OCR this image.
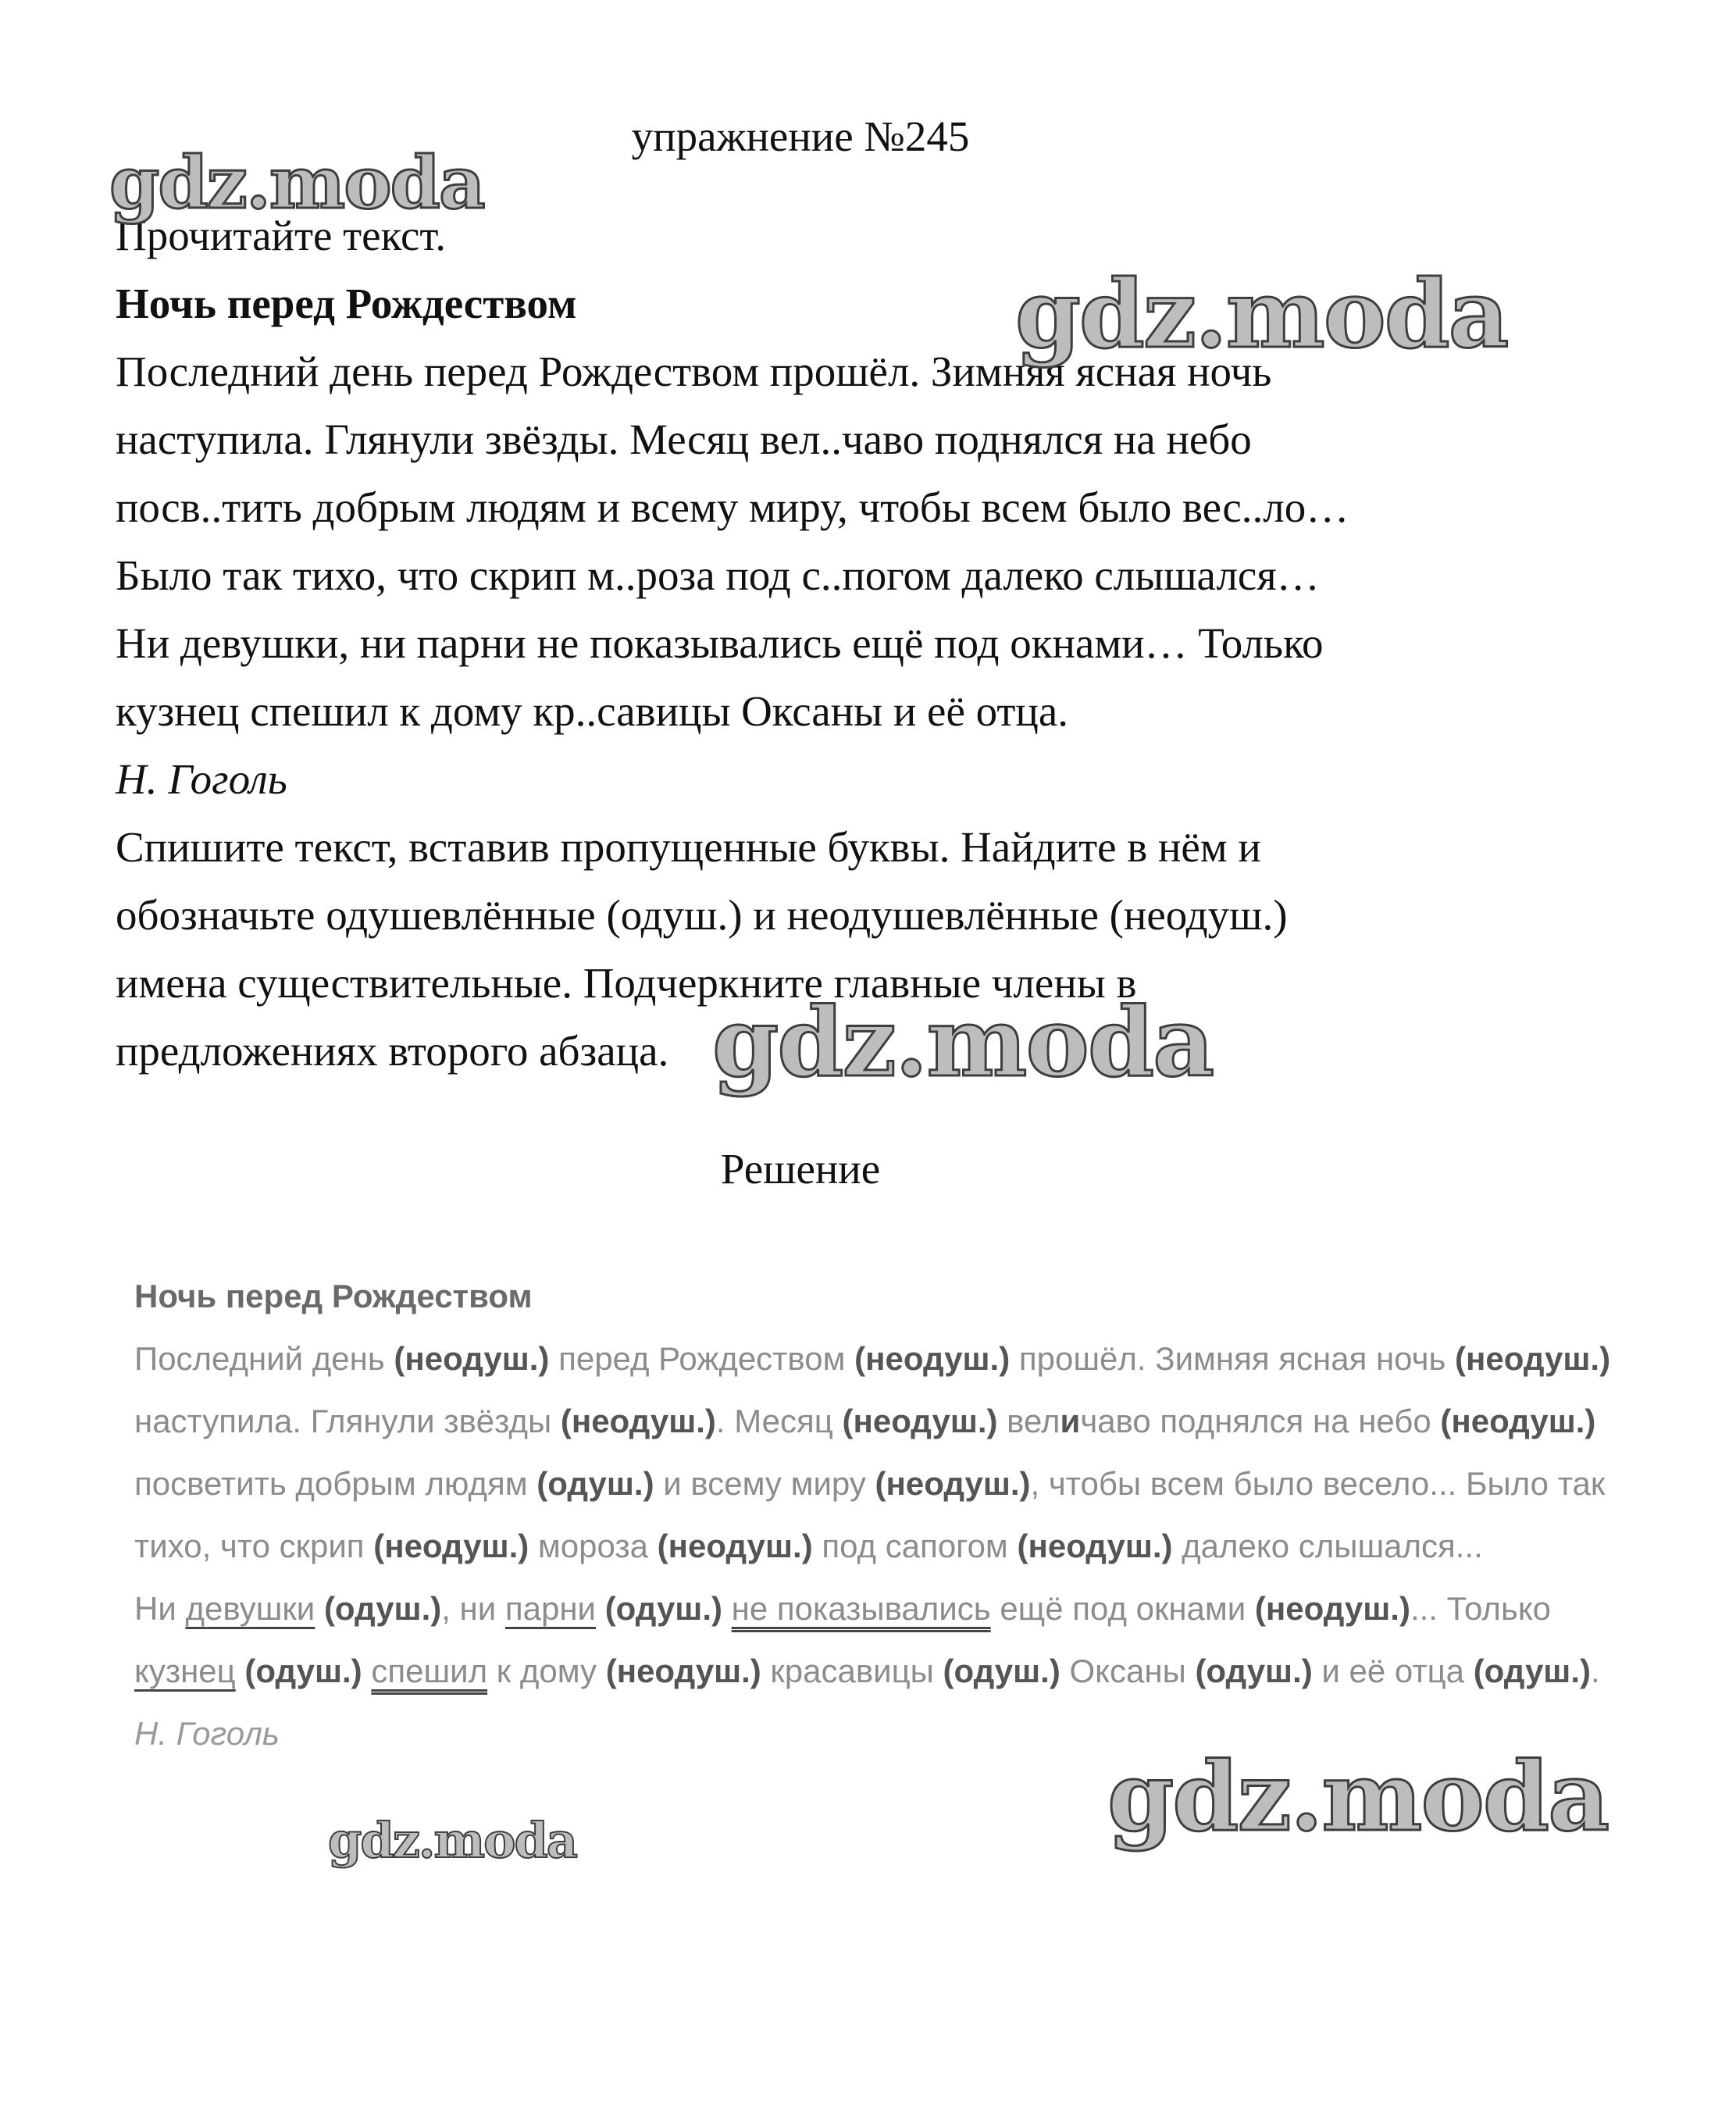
упражнение №245

Прочитайте текст.

Ночь перед Рождеством

Последний день перед Рождеством прошёл. Зимняя ясная ночь

наступила. Глянули звёзды. Месяц вел..чаво поднялся на небо

посв..тить добрым людям и всему миру, чтобы всем было вес..ло…

Было так тихо, что скрип м..роза под с..погом далеко слышался…

Ни девушки, ни парни не показывались ещё под окнами… Только

кузнец спешил к дому кр..савицы Оксаны и её отца.

Н. Гоголь

Спишите текст, вставив пропущенные буквы. Найдите в нём и

обозначьте одушевлённые (одуш.) и неодушевлённые (неодуш.)

имена существительные. Подчеркните главные члены в

предложениях второго абзаца.

Решение

Ночь перед Рождеством

Последний день (неодуш.) перед Рождеством (неодуш.) прошёл. Зимняя ясная ночь (неодуш.) наступила. Глянули звёзды (неодуш.). Месяц (неодуш.) величаво поднялся на небо (неодуш.) посветить добрым людям (одуш.) и всему миру (неодуш.), чтобы всем было весело... Было так тихо, что скрип (неодуш.) мороза (неодуш.) под сапогом (неодуш.) далеко слышался...

Ни девушки (одуш.), ни парни (одуш.) не показывались ещё под окнами (неодуш.)... Только кузнец (одуш.) спешил к дому (неодуш.) красавицы (одуш.) Оксаны (одуш.) и её отца (одуш.).

Н. Гоголь

gdz.moda
gdz.moda
gdz.moda
gdz.moda
gdz.moda
